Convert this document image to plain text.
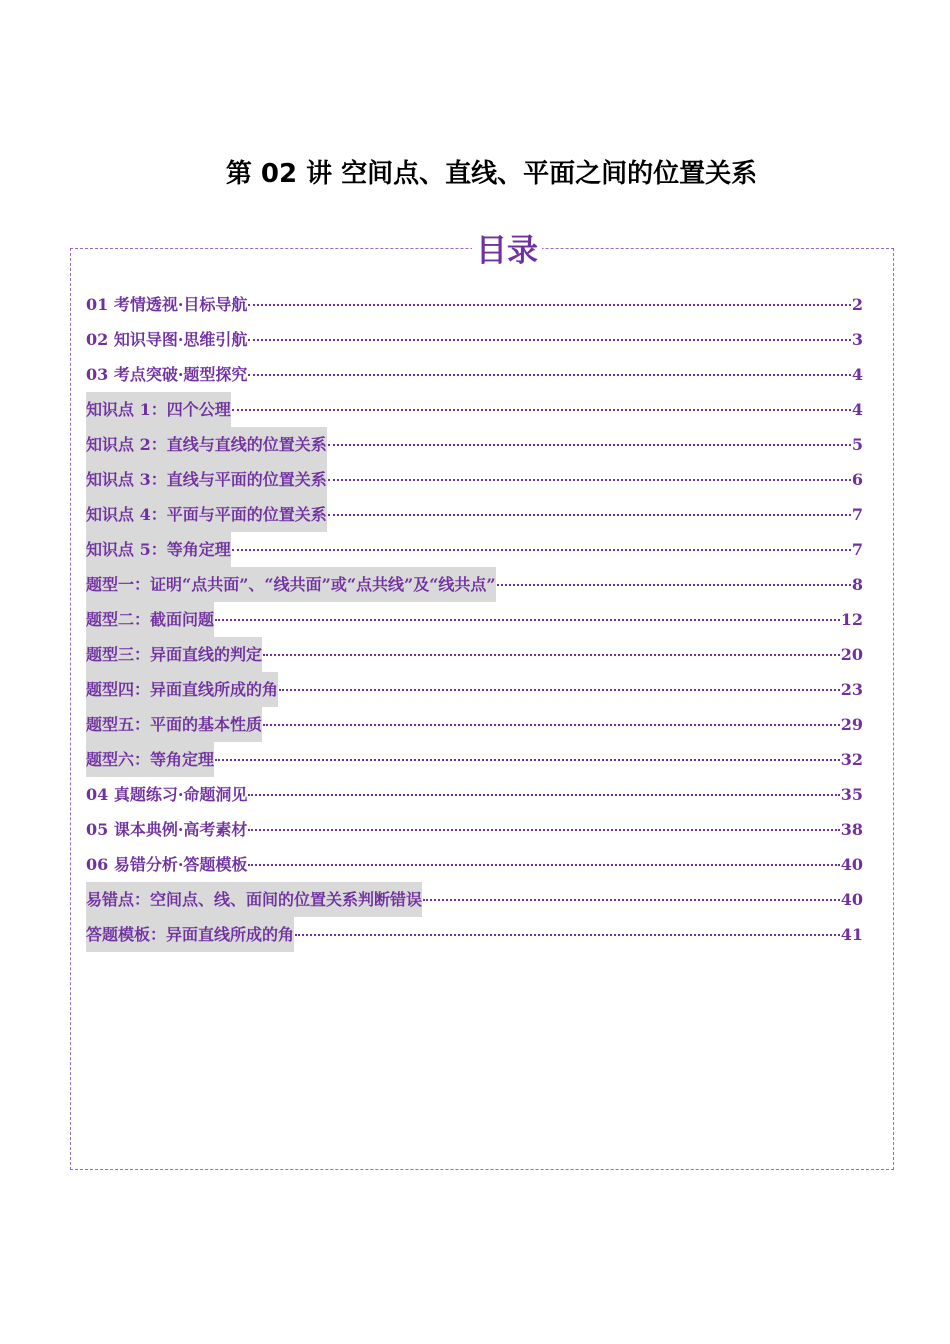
第 02 讲 空间点、直线、平面之间的位置关系
目录
01 考情透视·目标导航	2
02 知识导图·思维引航	3
03 考点突破·题型探究	4
知识点 1：四个公理	4
知识点 2：直线与直线的位置关系	5
知识点 3：直线与平面的位置关系	6
知识点 4：平面与平面的位置关系	7
知识点 5：等角定理	7
题型一：证明“点共面”、“线共面”或“点共线”及“线共点”	8
题型二：截面问题	12
题型三：异面直线的判定	20
题型四：异面直线所成的角	23
题型五：平面的基本性质	29
题型六：等角定理	32
04 真题练习·命题洞见	35
05 课本典例·高考素材	38
06 易错分析·答题模板	40
易错点：空间点、线、面间的位置关系判断错误	40
答题模板：异面直线所成的角	41
